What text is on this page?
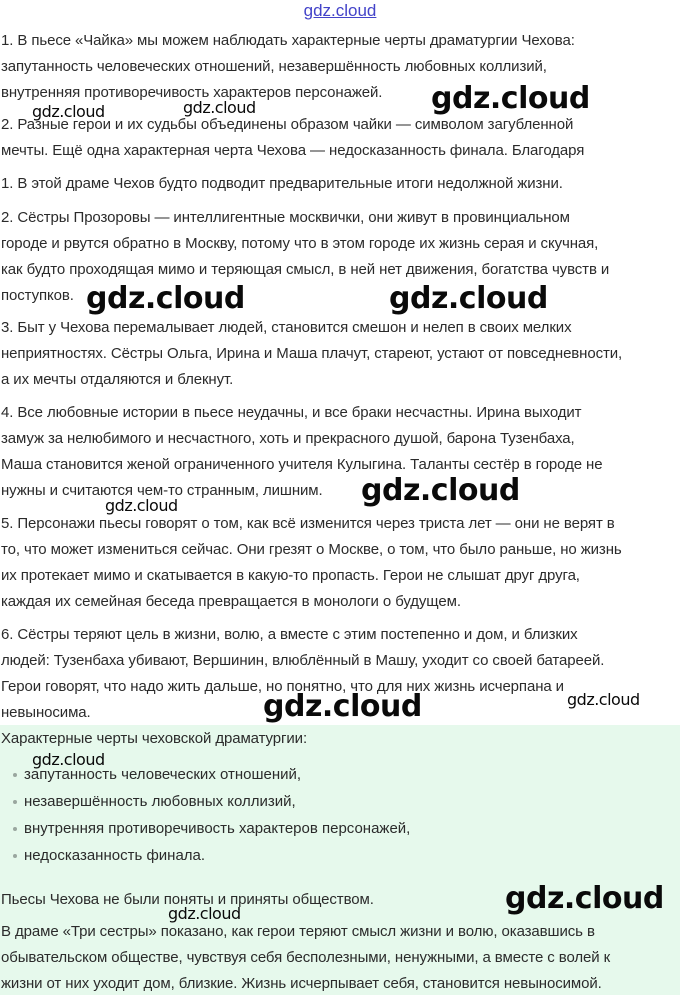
gdz.cloud

1. В пьесе «Чайка» мы можем наблюдать характерные черты драматургии Чехова:
запутанность человеческих отношений, незавершённость любовных коллизий,
внутренняя противоречивость характеров персонажей.

2. Разные герои и их судьбы объединены образом чайки — символом загубленной
мечты. Ещё одна характерная черта Чехова — недосказанность финала. Благодаря

1. В этой драме Чехов будто подводит предварительные итоги недолжной жизни.

2. Сёстры Прозоровы — интеллигентные москвички, они живут в провинциальном
городе и рвутся обратно в Москву, потому что в этом городе их жизнь серая и скучная,
как будто проходящая мимо и теряющая смысл, в ней нет движения, богатства чувств и
поступков.

3. Быт у Чехова перемалывает людей, становится смешон и нелеп в своих мелких
неприятностях. Сёстры Ольга, Ирина и Маша плачут, стареют, устают от повседневности,
а их мечты отдаляются и блекнут.

4. Все любовные истории в пьесе неудачны, и все браки несчастны. Ирина выходит
замуж за нелюбимого и несчастного, хоть и прекрасного душой, барона Тузенбаха,
Маша становится женой ограниченного учителя Кулыгина. Таланты сестёр в городе не
нужны и считаются чем-то странным, лишним.

5. Персонажи пьесы говорят о том, как всё изменится через триста лет — они не верят в
то, что может измениться сейчас. Они грезят о Москве, о том, что было раньше, но жизнь
их протекает мимо и скатывается в какую-то пропасть. Герои не слышат друг друга,
каждая их семейная беседа превращается в монологи о будущем.

6. Сёстры теряют цель в жизни, волю, а вместе с этим постепенно и дом, и близких
людей: Тузенбаха убивают, Вершинин, влюблённый в Машу, уходит со своей батареей.
Герои говорят, что надо жить дальше, но понятно, что для них жизнь исчерпана и
невыносима.

Характерные черты чеховской драматургии:

запутанность человеческих отношений,
незавершённость любовных коллизий,
внутренняя противоречивость характеров персонажей,
недосказанность финала.

Пьесы Чехова не были поняты и приняты обществом.

В драме «Три сестры» показано, как герои теряют смысл жизни и волю, оказавшись в
обывательском обществе, чувствуя себя бесполезными, ненужными, а вместе с волей к
жизни от них уходит дом, близкие. Жизнь исчерпывает себя, становится невыносимой.

gdz.cloud
gdz.cloud	gdz.cloud
gdz.cloud	gdz.cloud
gdz.cloud	gdz.cloud
gdz.cloud	gdz.cloud
gdz.cloud
gdz.cloud
gdz.cloud
